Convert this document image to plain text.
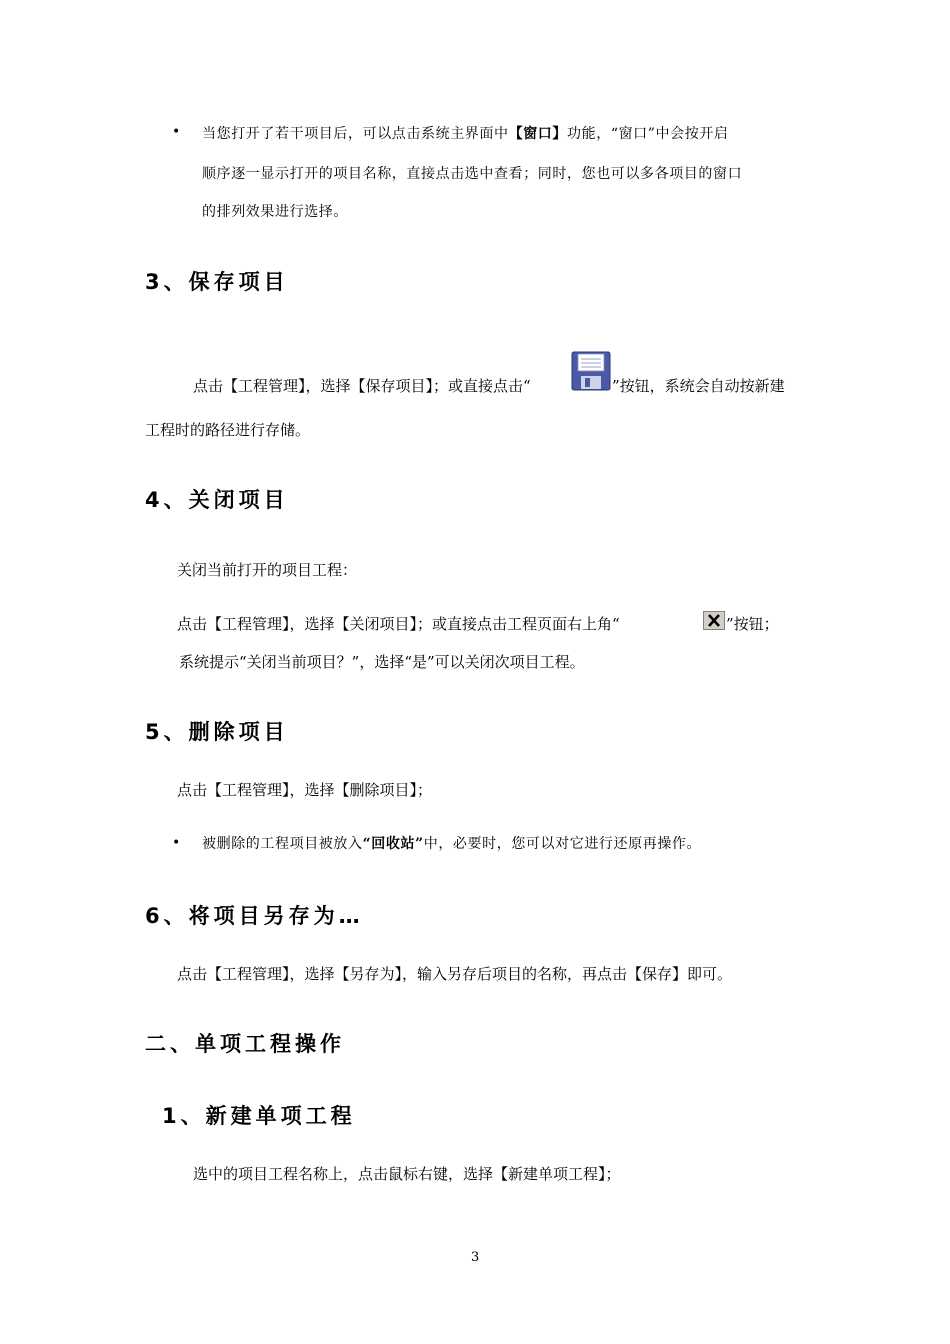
• 当您打开了若干项目后，可以点击系统主界面中【窗口】功能，“窗口”中会按开启
顺序逐一显示打开的项目名称，直接点击选中查看；同时，您也可以多各项目的窗口
的排列效果进行选择。
3、保存项目
点击【工程管理】，选择【保存项目】；或直接点击“	”按钮，系统会自动按新建
工程时的路径进行存储。
4、关闭项目
关闭当前打开的项目工程：
点击【工程管理】，选择【关闭项目】；或直接点击工程页面右上角“	”按钮；
系统提示“关闭当前项目？”，选择“是”可以关闭次项目工程。
5、删除项目
点击【工程管理】，选择【删除项目】；
• 被删除的工程项目被放入“回收站”中，必要时，您可以对它进行还原再操作。
6、将项目另存为…
点击【工程管理】，选择【另存为】，输入另存后项目的名称，再点击【保存】即可。
二、单项工程操作
1、新建单项工程
选中的项目工程名称上，点击鼠标右键，选择【新建单项工程】；
3
